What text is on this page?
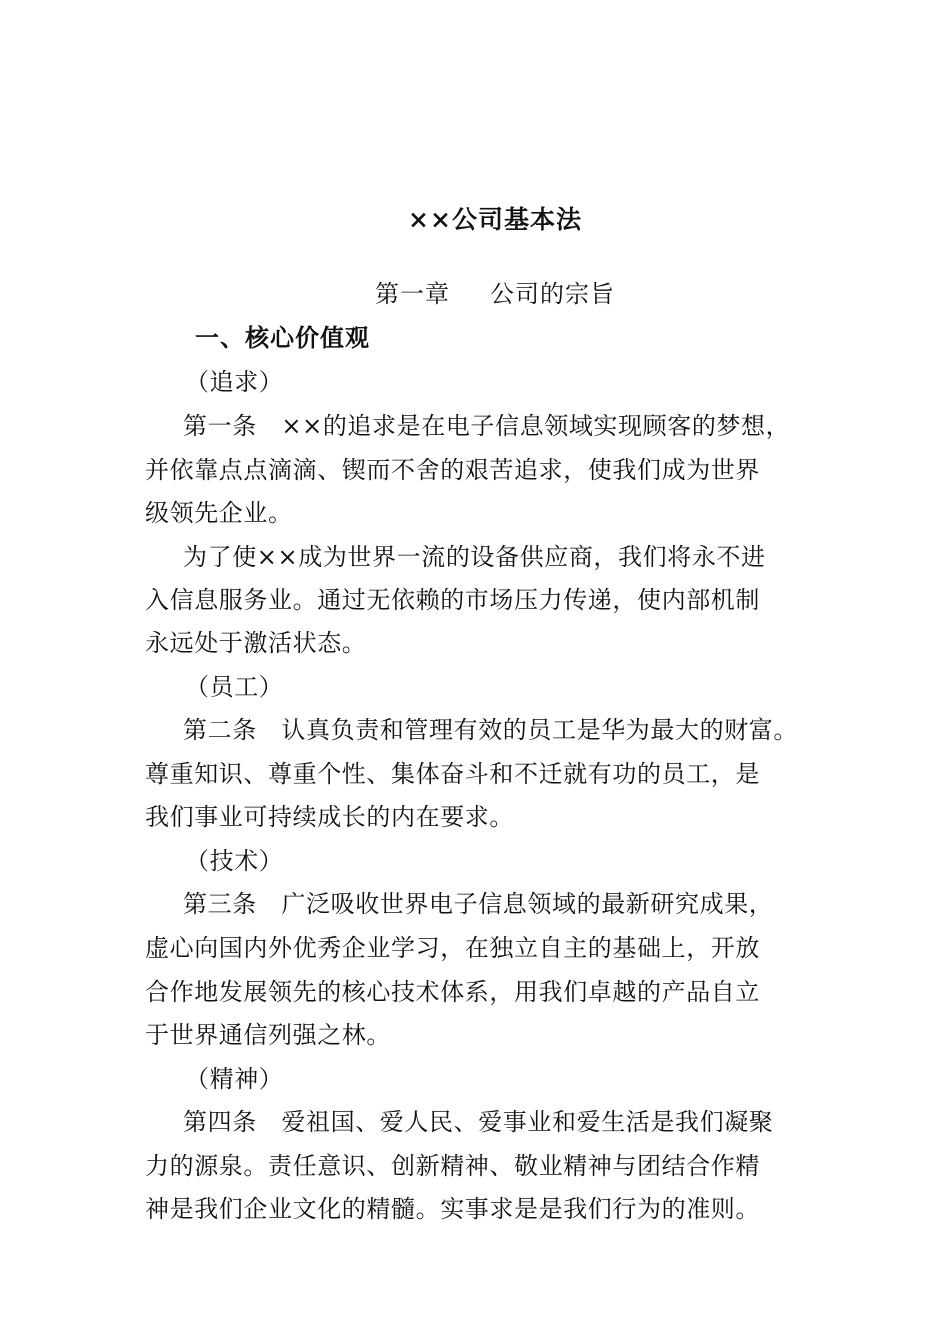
××公司基本法
第一章 公司的宗旨
一、核心价值观
（追求）
第一条　××的追求是在电子信息领域实现顾客的梦想，
并依靠点点滴滴、锲而不舍的艰苦追求，使我们成为世界
级领先企业。
为了使××成为世界一流的设备供应商，我们将永不进
入信息服务业。通过无依赖的市场压力传递，使内部机制
永远处于激活状态。
（员工）
第二条　认真负责和管理有效的员工是华为最大的财富。
尊重知识、尊重个性、集体奋斗和不迁就有功的员工，是
我们事业可持续成长的内在要求。
（技术）
第三条　广泛吸收世界电子信息领域的最新研究成果，
虚心向国内外优秀企业学习，在独立自主的基础上，开放
合作地发展领先的核心技术体系，用我们卓越的产品自立
于世界通信列强之林。
（精神）
第四条　爱祖国、爱人民、爱事业和爱生活是我们凝聚
力的源泉。责任意识、创新精神、敬业精神与团结合作精
神是我们企业文化的精髓。实事求是是我们行为的准则。
